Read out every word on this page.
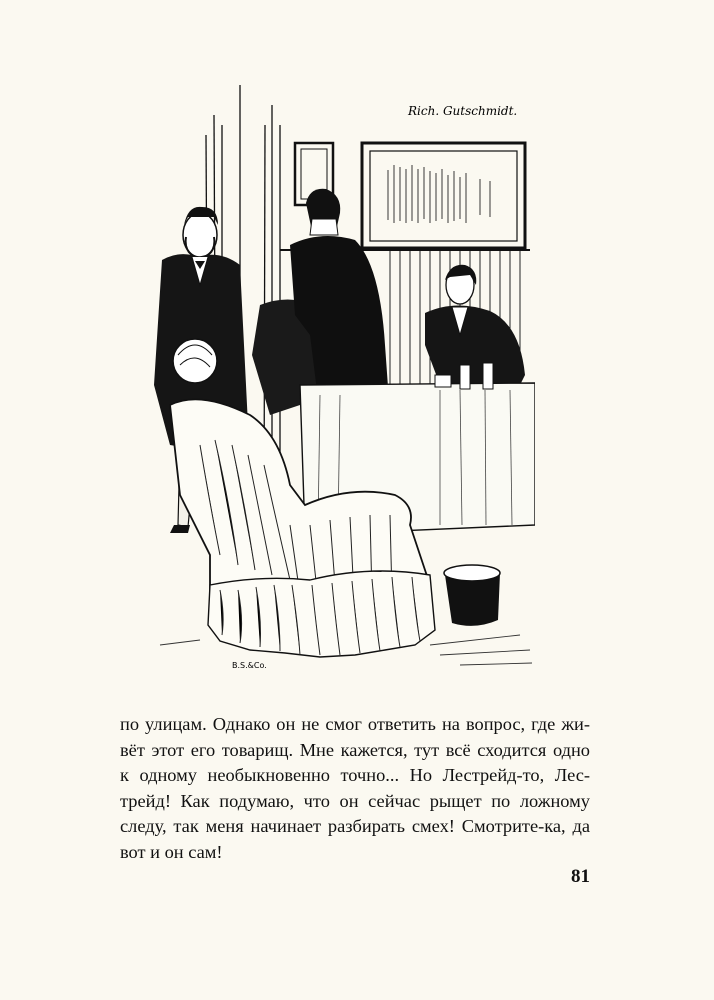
Rich. Gutschmidt.
B.S.&Co.
по улицам. Однако он не смог ответить на вопрос, где жи-
вёт этот его товарищ. Мне кажется, тут всё сходится одно
к одному необыкновенно точно... Но Лестрейд-то, Лес-
трейд! Как подумаю, что он сейчас рыщет по ложному
следу, так меня начинает разбирать смех! Смотрите-ка, да
вот и он сам!
81
